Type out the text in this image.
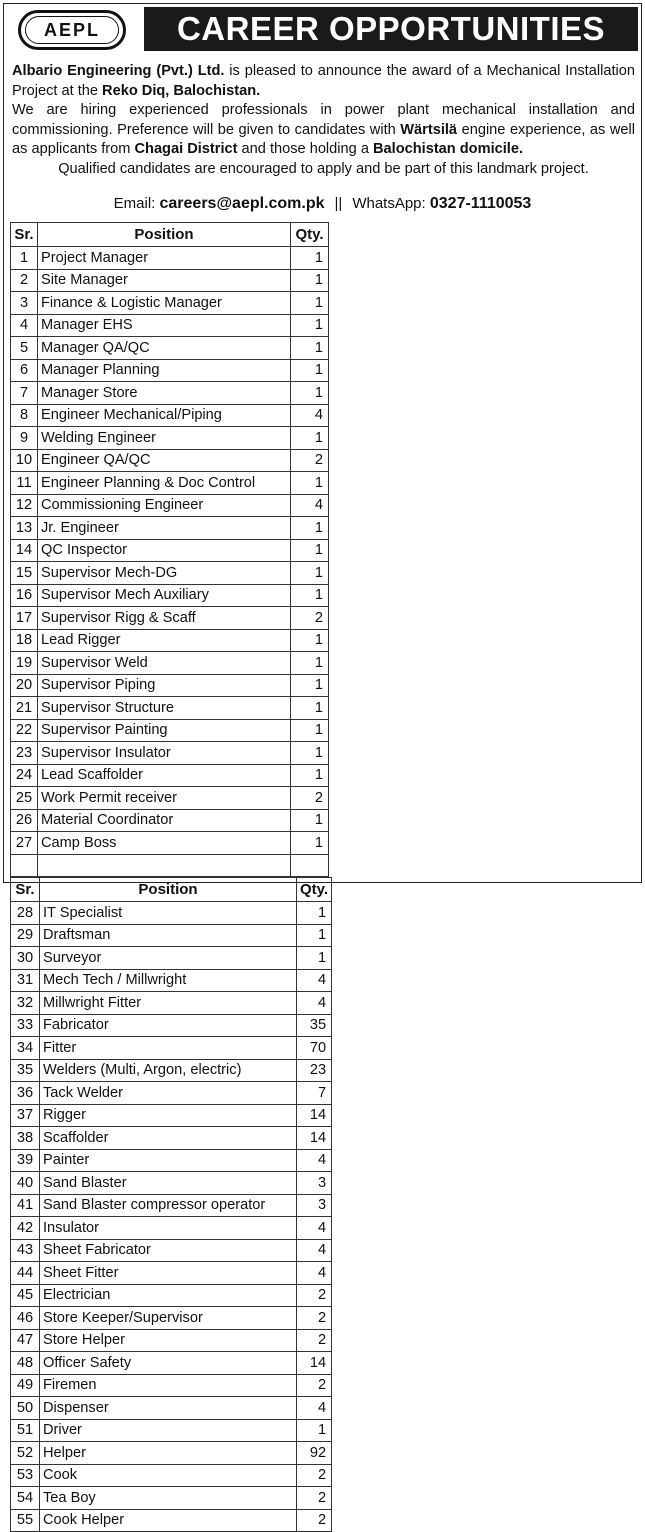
AEPL	CAREER OPPORTUNITIES

Albario Engineering (Pvt.) Ltd. is pleased to announce the award of a Mechanical Installation Project at the Reko Diq, Balochistan.

We are hiring experienced professionals in power plant mechanical installation and commissioning. Preference will be given to candidates with Wärtsilä engine experience, as well as applicants from Chagai District and those holding a Balochistan domicile.

Qualified candidates are encouraged to apply and be part of this landmark project.

Email: careers@aepl.com.pk || WhatsApp: 0327-1110053
Sr.	Position	Qty.
1	Project Manager	1
2	Site Manager	1
3	Finance & Logistic Manager	1
4	Manager EHS	1
5	Manager QA/QC	1
6	Manager Planning	1
7	Manager Store	1
8	Engineer Mechanical/Piping	4
9	Welding Engineer	1
10	Engineer QA/QC	2
11	Engineer Planning & Doc Control	1
12	Commissioning Engineer	4
13	Jr. Engineer	1
14	QC Inspector	1
15	Supervisor Mech-DG	1
16	Supervisor Mech Auxiliary	1
17	Supervisor Rigg & Scaff	2
18	Lead Rigger	1
19	Supervisor Weld	1
20	Supervisor Piping	1
21	Supervisor Structure	1
22	Supervisor Painting	1
23	Supervisor Insulator	1
24	Lead Scaffolder	1
25	Work Permit receiver	2
26	Material Coordinator	1
27	Camp Boss	1

Sr.	Position	Qty.
28	IT Specialist	1
29	Draftsman	1
30	Surveyor	1
31	Mech Tech / Millwright	4
32	Millwright Fitter	4
33	Fabricator	35
34	Fitter	70
35	Welders (Multi, Argon, electric)	23
36	Tack Welder	7
37	Rigger	14
38	Scaffolder	14
39	Painter	4
40	Sand Blaster	3
41	Sand Blaster compressor operator	3
42	Insulator	4
43	Sheet Fabricator	4
44	Sheet Fitter	4
45	Electrician	2
46	Store Keeper/Supervisor	2
47	Store Helper	2
48	Officer Safety	14
49	Firemen	2
50	Dispenser	4
51	Driver	1
52	Helper	92
53	Cook	2
54	Tea Boy	2
55	Cook Helper	2
